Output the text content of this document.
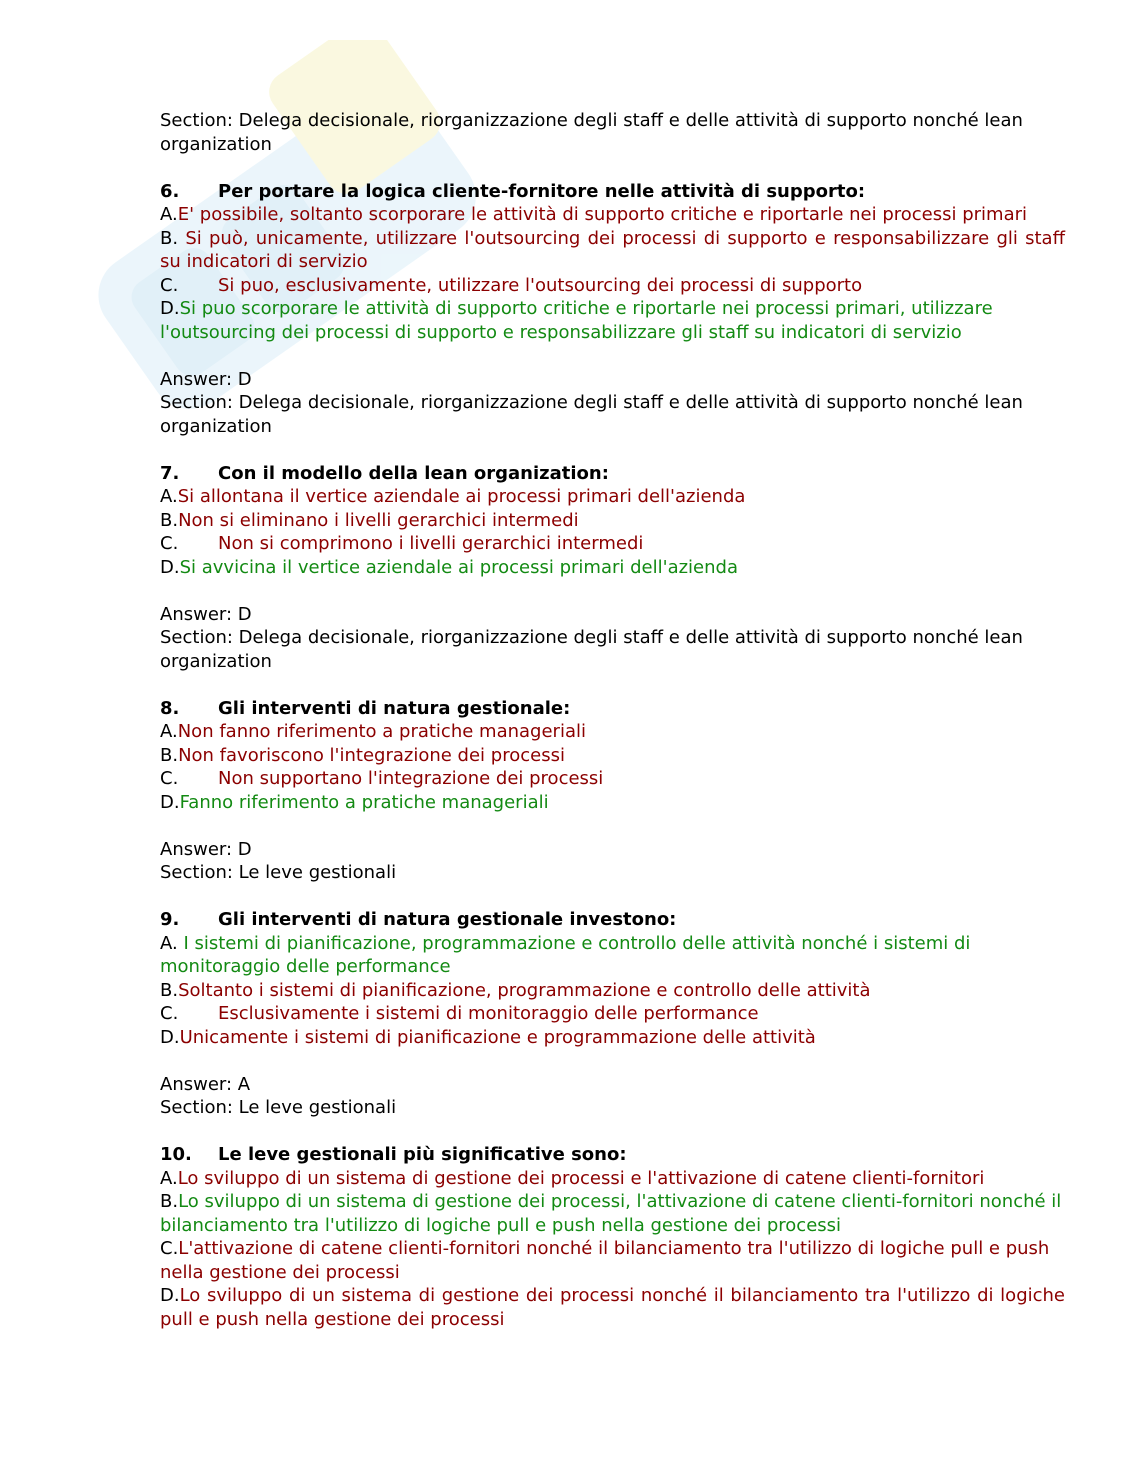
Section: Delega decisionale, riorganizzazione degli staff e delle attività di supporto nonché lean organization
6. Per portare la logica cliente-fornitore nelle attività di supporto:
A.E' possibile, soltanto scorporare le attività di supporto critiche e riportarle nei processi primari
B. Si può, unicamente, utilizzare l'outsourcing dei processi di supporto e responsabilizzare gli staff su indicatori di servizio
C. Si puo, esclusivamente, utilizzare l'outsourcing dei processi di supporto
D.Si puo scorporare le attività di supporto critiche e riportarle nei processi primari, utilizzare l'outsourcing dei processi di supporto e responsabilizzare gli staff su indicatori di servizio
Answer: D
Section: Delega decisionale, riorganizzazione degli staff e delle attività di supporto nonché lean organization
7. Con il modello della lean organization:
A.Si allontana il vertice aziendale ai processi primari dell'azienda
B.Non si eliminano i livelli gerarchici intermedi
C. Non si comprimono i livelli gerarchici intermedi
D.Si avvicina il vertice aziendale ai processi primari dell'azienda
Answer: D
Section: Delega decisionale, riorganizzazione degli staff e delle attività di supporto nonché lean organization
8. Gli interventi di natura gestionale:
A.Non fanno riferimento a pratiche manageriali
B.Non favoriscono l'integrazione dei processi
C. Non supportano l'integrazione dei processi
D.Fanno riferimento a pratiche manageriali
Answer: D
Section: Le leve gestionali
9. Gli interventi di natura gestionale investono:
A. I sistemi di pianificazione, programmazione e controllo delle attività nonché i sistemi di monitoraggio delle performance
B.Soltanto i sistemi di pianificazione, programmazione e controllo delle attività
C. Esclusivamente i sistemi di monitoraggio delle performance
D.Unicamente i sistemi di pianificazione e programmazione delle attività
Answer: A
Section: Le leve gestionali
10. Le leve gestionali più significative sono:
A.Lo sviluppo di un sistema di gestione dei processi e l'attivazione di catene clienti-fornitori
B.Lo sviluppo di un sistema di gestione dei processi, l'attivazione di catene clienti-fornitori nonché il bilanciamento tra l'utilizzo di logiche pull e push nella gestione dei processi
C.L'attivazione di catene clienti-fornitori nonché il bilanciamento tra l'utilizzo di logiche pull e push nella gestione dei processi
D.Lo sviluppo di un sistema di gestione dei processi nonché il bilanciamento tra l'utilizzo di logiche pull e push nella gestione dei processi
